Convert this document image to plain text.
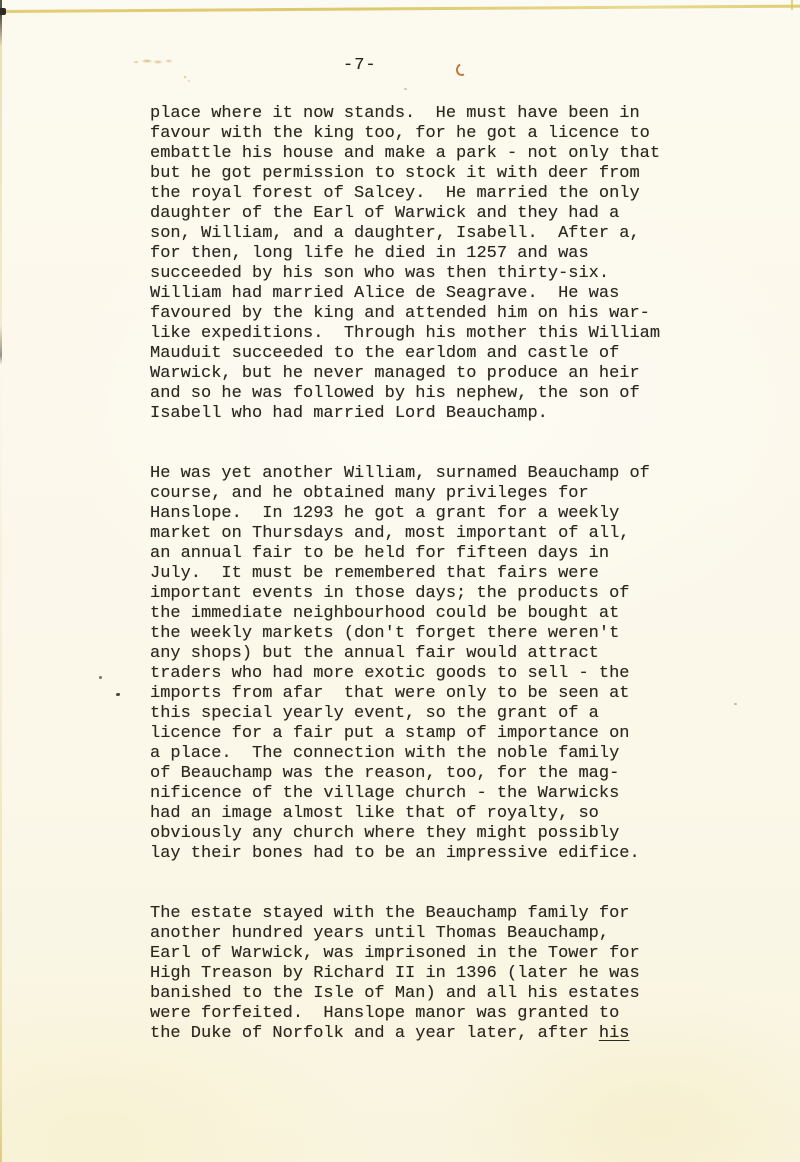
-7-
place where it now stands.  He must have been in
favour with the king too, for he got a licence to
embattle his house and make a park - not only that
but he got permission to stock it with deer from
the royal forest of Salcey.  He married the only
daughter of the Earl of Warwick and they had a
son, William, and a daughter, Isabell.  After a,
for then, long life he died in 1257 and was
succeeded by his son who was then thirty-six.
William had married Alice de Seagrave.  He was
favoured by the king and attended him on his war-
like expeditions.  Through his mother this William
Mauduit succeeded to the earldom and castle of
Warwick, but he never managed to produce an heir
and so he was followed by his nephew, the son of
Isabell who had married Lord Beauchamp.
He was yet another William, surnamed Beauchamp of
course, and he obtained many privileges for
Hanslope.  In 1293 he got a grant for a weekly
market on Thursdays and, most important of all,
an annual fair to be held for fifteen days in
July.  It must be remembered that fairs were
important events in those days; the products of
the immediate neighbourhood could be bought at
the weekly markets (don't forget there weren't
any shops) but the annual fair would attract
traders who had more exotic goods to sell - the
imports from afar  that were only to be seen at
this special yearly event, so the grant of a
licence for a fair put a stamp of importance on
a place.  The connection with the noble family
of Beauchamp was the reason, too, for the mag-
nificence of the village church - the Warwicks
had an image almost like that of royalty, so
obviously any church where they might possibly
lay their bones had to be an impressive edifice.
The estate stayed with the Beauchamp family for
another hundred years until Thomas Beauchamp,
Earl of Warwick, was imprisoned in the Tower for
High Treason by Richard II in 1396 (later he was
banished to the Isle of Man) and all his estates
were forfeited.  Hanslope manor was granted to
the Duke of Norfolk and a year later, after his
